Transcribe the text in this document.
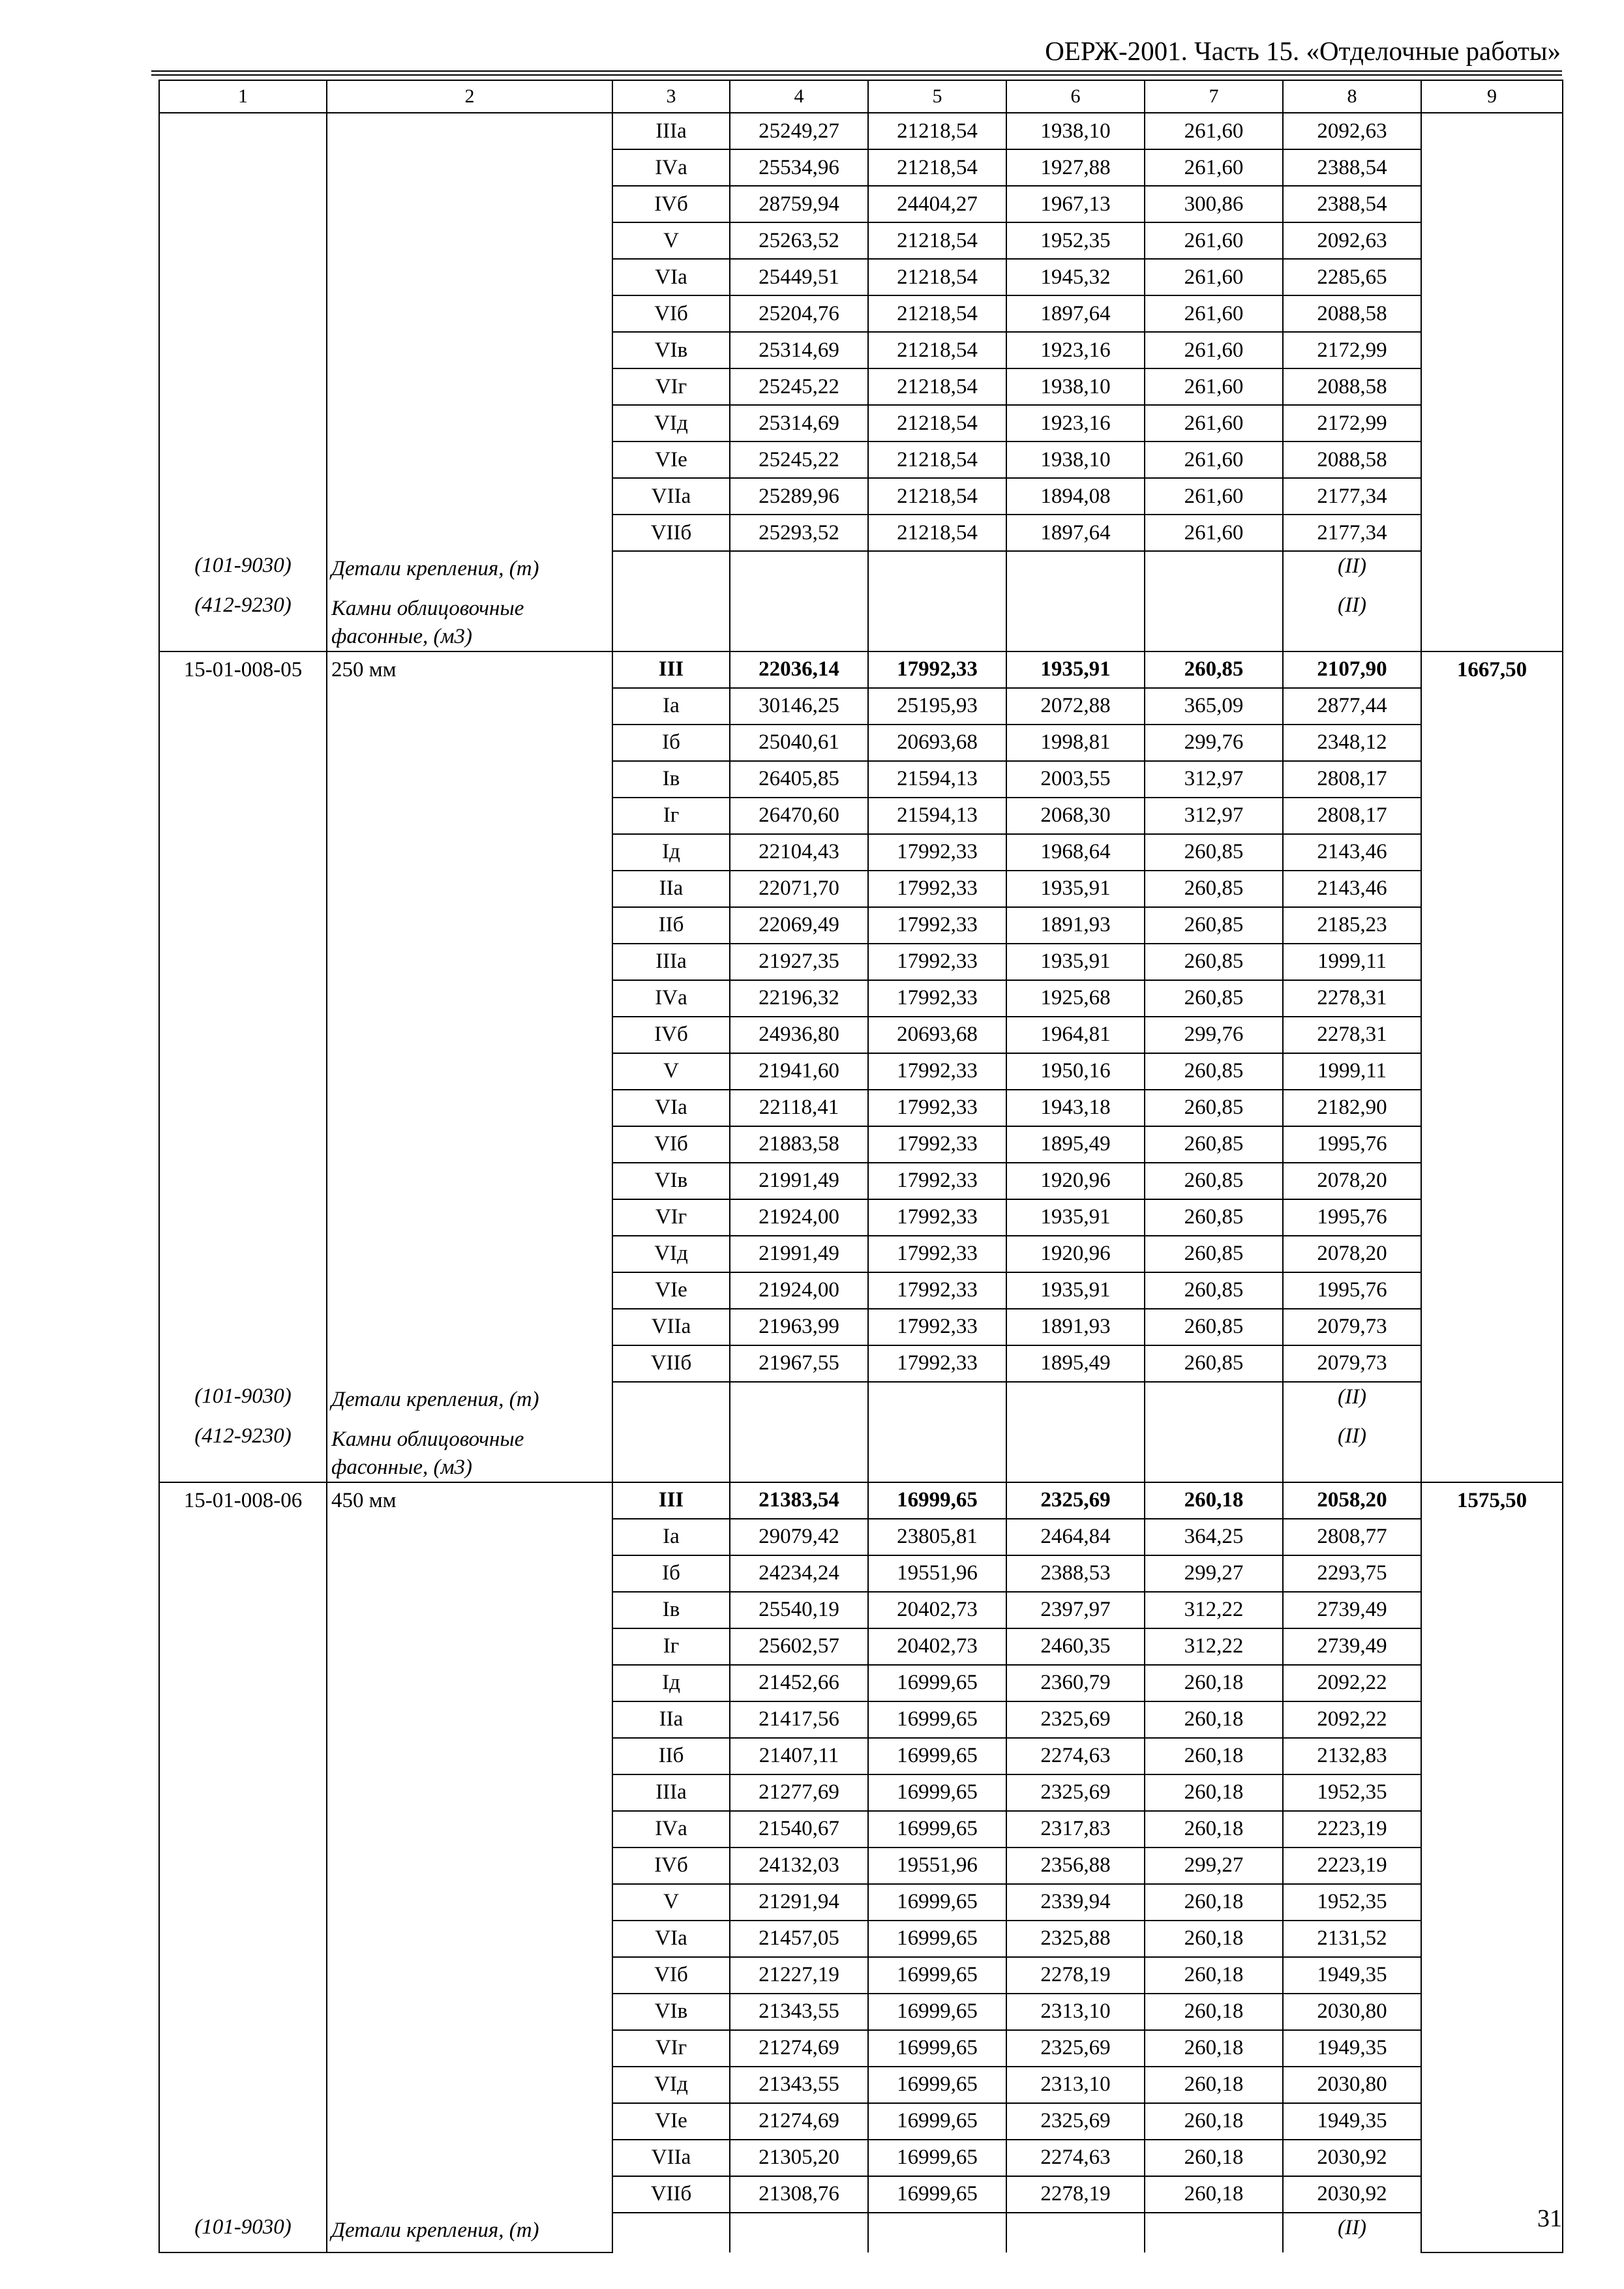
ОЕРЖ-2001. Часть 15. «Отделочные работы»
1	2	3	4	5	6	7	8	9
		IIIа	25249,27	21218,54	1938,10	261,60	2092,63	
		IVа	25534,96	21218,54	1927,88	261,60	2388,54	
		IVб	28759,94	24404,27	1967,13	300,86	2388,54	
		V	25263,52	21218,54	1952,35	261,60	2092,63	
		VIа	25449,51	21218,54	1945,32	261,60	2285,65	
		VIб	25204,76	21218,54	1897,64	261,60	2088,58	
		VIв	25314,69	21218,54	1923,16	261,60	2172,99	
		VIг	25245,22	21218,54	1938,10	261,60	2088,58	
		VIд	25314,69	21218,54	1923,16	261,60	2172,99	
		VIе	25245,22	21218,54	1938,10	261,60	2088,58	
		VIIа	25289,96	21218,54	1894,08	261,60	2177,34	
		VIIб	25293,52	21218,54	1897,64	261,60	2177,34	
(101-9030)	Детали крепления, (т)						(II)	
(412-9230)	Камни облицовочные фасонные, (м3)						(II)	
15-01-008-05	250 мм	III	22036,14	17992,33	1935,91	260,85	2107,90	1667,50
		Iа	30146,25	25195,93	2072,88	365,09	2877,44	
		Iб	25040,61	20693,68	1998,81	299,76	2348,12	
		Iв	26405,85	21594,13	2003,55	312,97	2808,17	
		Iг	26470,60	21594,13	2068,30	312,97	2808,17	
		Iд	22104,43	17992,33	1968,64	260,85	2143,46	
		IIа	22071,70	17992,33	1935,91	260,85	2143,46	
		IIб	22069,49	17992,33	1891,93	260,85	2185,23	
		IIIа	21927,35	17992,33	1935,91	260,85	1999,11	
		IVа	22196,32	17992,33	1925,68	260,85	2278,31	
		IVб	24936,80	20693,68	1964,81	299,76	2278,31	
		V	21941,60	17992,33	1950,16	260,85	1999,11	
		VIа	22118,41	17992,33	1943,18	260,85	2182,90	
		VIб	21883,58	17992,33	1895,49	260,85	1995,76	
		VIв	21991,49	17992,33	1920,96	260,85	2078,20	
		VIг	21924,00	17992,33	1935,91	260,85	1995,76	
		VIд	21991,49	17992,33	1920,96	260,85	2078,20	
		VIе	21924,00	17992,33	1935,91	260,85	1995,76	
		VIIа	21963,99	17992,33	1891,93	260,85	2079,73	
		VIIб	21967,55	17992,33	1895,49	260,85	2079,73	
(101-9030)	Детали крепления, (т)						(II)	
(412-9230)	Камни облицовочные фасонные, (м3)						(II)	
15-01-008-06	450 мм	III	21383,54	16999,65	2325,69	260,18	2058,20	1575,50
		Iа	29079,42	23805,81	2464,84	364,25	2808,77	
		Iб	24234,24	19551,96	2388,53	299,27	2293,75	
		Iв	25540,19	20402,73	2397,97	312,22	2739,49	
		Iг	25602,57	20402,73	2460,35	312,22	2739,49	
		Iд	21452,66	16999,65	2360,79	260,18	2092,22	
		IIа	21417,56	16999,65	2325,69	260,18	2092,22	
		IIб	21407,11	16999,65	2274,63	260,18	2132,83	
		IIIа	21277,69	16999,65	2325,69	260,18	1952,35	
		IVа	21540,67	16999,65	2317,83	260,18	2223,19	
		IVб	24132,03	19551,96	2356,88	299,27	2223,19	
		V	21291,94	16999,65	2339,94	260,18	1952,35	
		VIа	21457,05	16999,65	2325,88	260,18	2131,52	
		VIб	21227,19	16999,65	2278,19	260,18	1949,35	
		VIв	21343,55	16999,65	2313,10	260,18	2030,80	
		VIг	21274,69	16999,65	2325,69	260,18	1949,35	
		VIд	21343,55	16999,65	2313,10	260,18	2030,80	
		VIе	21274,69	16999,65	2325,69	260,18	1949,35	
		VIIа	21305,20	16999,65	2274,63	260,18	2030,92	
		VIIб	21308,76	16999,65	2278,19	260,18	2030,92	
(101-9030)	Детали крепления, (т)						(II)		31
